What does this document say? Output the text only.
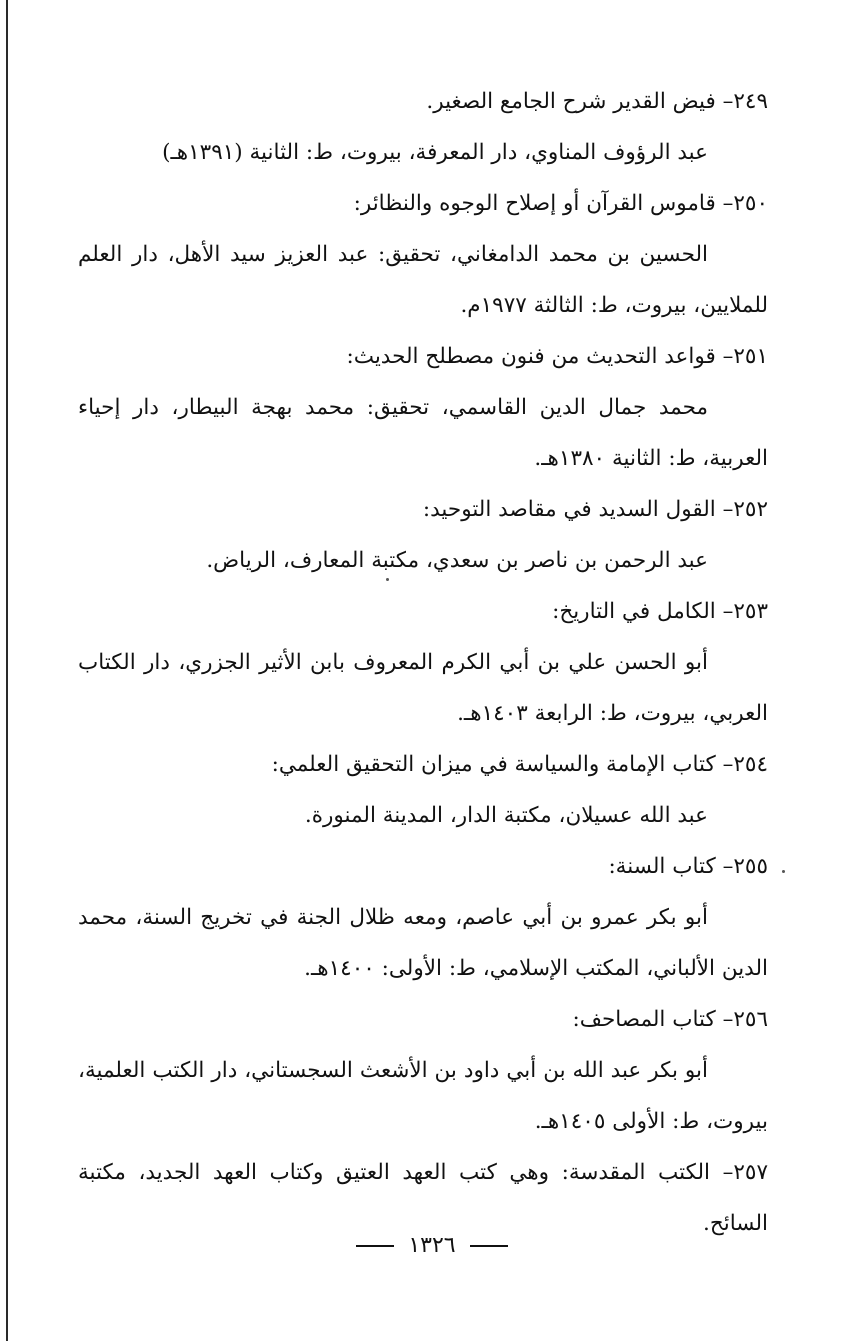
٢٤٩– فيض القدير شرح الجامع الصغير.

عبد الرؤوف المناوي، دار المعرفة، بيروت، ط: الثانية (١٣٩١هـ)

٢٥٠– قاموس القرآن أو إصلاح الوجوه والنظائر:

الحسين بن محمد الدامغاني، تحقيق: عبد العزيز سيد الأهل، دار العلم

للملايين، بيروت، ط: الثالثة ١٩٧٧م.

٢٥١– قواعد التحديث من فنون مصطلح الحديث:

محمد جمال الدين القاسمي، تحقيق: محمد بهجة البيطار، دار إحياء

العربية، ط: الثانية ١٣٨٠هـ.

٢٥٢– القول السديد في مقاصد التوحيد:

عبد الرحمن بن ناصر بن سعدي، مكتبة المعارف، الرياض.

٢٥٣– الكامل في التاريخ:

أبو الحسن علي بن أبي الكرم المعروف بابن الأثير الجزري، دار الكتاب

العربي، بيروت، ط: الرابعة ١٤٠٣هـ.

٢٥٤– كتاب الإمامة والسياسة في ميزان التحقيق العلمي:

عبد الله عسيلان، مكتبة الدار، المدينة المنورة.

٢٥٥– كتاب السنة:

أبو بكر عمرو بن أبي عاصم، ومعه ظلال الجنة في تخريج السنة، محمد

الدين الألباني، المكتب الإسلامي، ط: الأولى: ١٤٠٠هـ.

٢٥٦– كتاب المصاحف:

أبو بكر عبد الله بن أبي داود بن الأشعث السجستاني، دار الكتب العلمية،

بيروت، ط: الأولى ١٤٠٥هـ.

٢٥٧– الكتب المقدسة: وهي كتب العهد العتيق وكتاب العهد الجديد، مكتبة

السائح.

١٣٢٦
